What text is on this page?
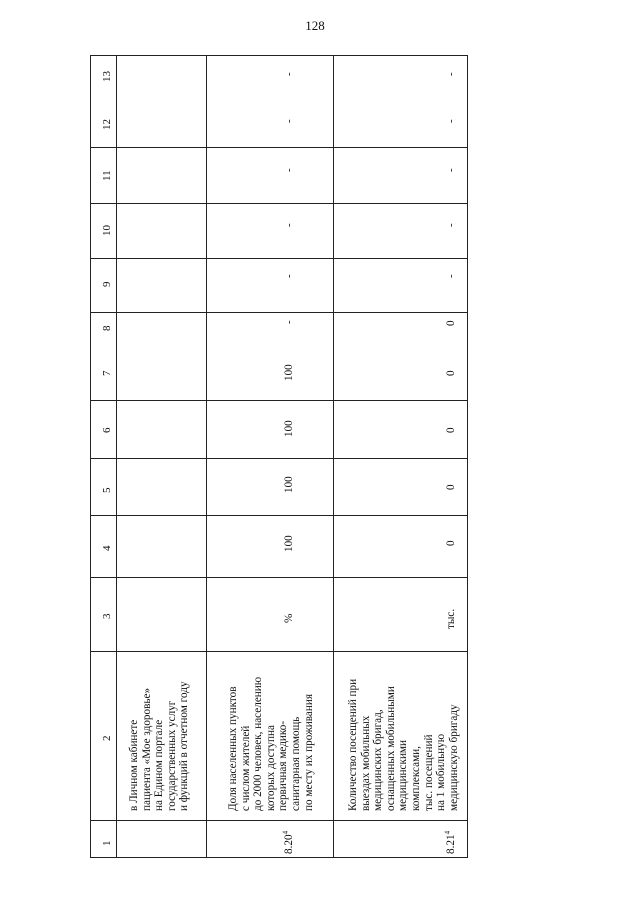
128
13
12
11
10
9
8
7
6
5
4
3
2
1
в Личном кабинете
пациента «Мое здоровье»
на Едином портале
государственных услуг
и функций в отчетном году
8.20$^4$
Доля населенных пунктов
с числом жителей
до 2000 человек, населению
которых доступна
первичная медико-
санитарная помощь
по месту их проживания
%
100
100
100
100
-
-
-
-
-
-
8.21$^4$
Количество посещений при
выездах мобильных
медицинских бригад,
оснащенных мобильными
медицинскими
комплексами,
тыс. посещений
на 1 мобильную
медицинскую бригаду
тыс.
0
0
0
0
0
-
-
-
-
-
